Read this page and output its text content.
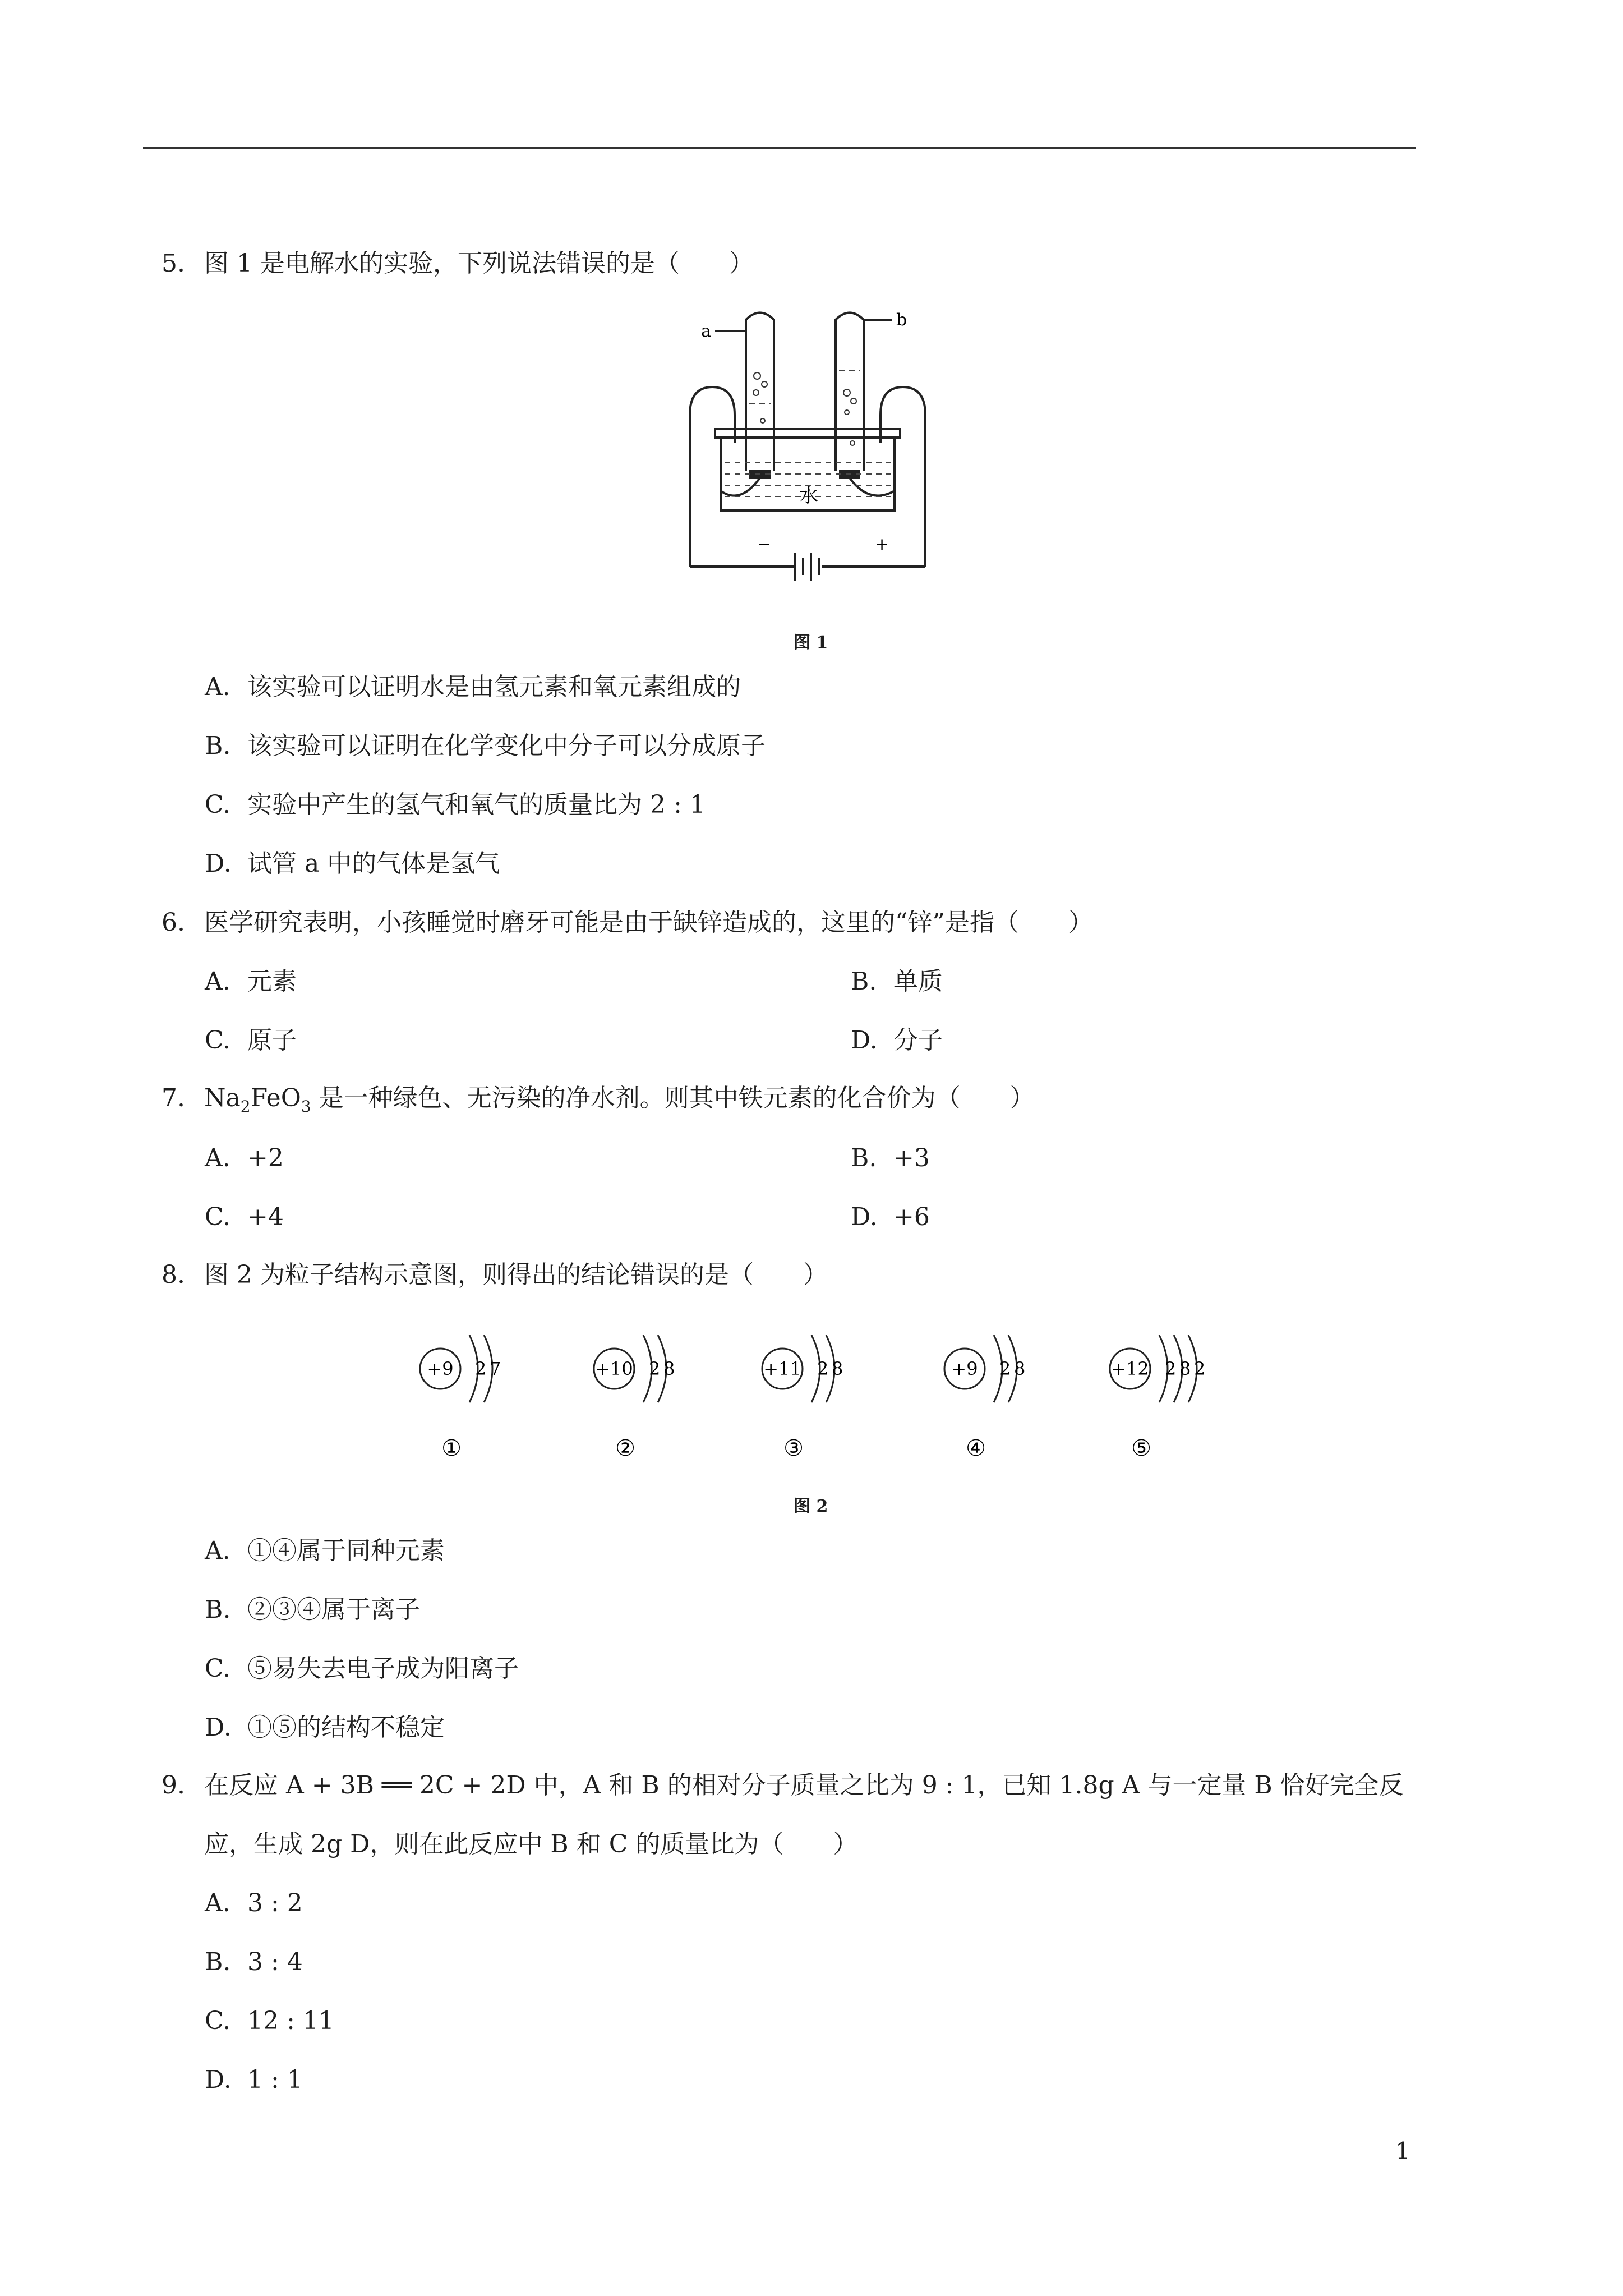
5. 图 1 是电解水的实验，下列说法错误的是（　　）
a
b
水
−	+
图 1
A. 该实验可以证明水是由氢元素和氧元素组成的
B. 该实验可以证明在化学变化中分子可以分成原子
C. 实验中产生的氢气和氧气的质量比为 2 : 1
D. 试管 a 中的气体是氢气
6. 医学研究表明，小孩睡觉时磨牙可能是由于缺锌造成的，这里的“锌”是指（　　）
A. 元素	B. 单质
C. 原子	D. 分子
7. $Na_2FeO_3$ 是一种绿色、无污染的净水剂。则其中铁元素的化合价为（　　）
A. +2	B. +3
C. +4	D. +6
8. 图 2 为粒子结构示意图，则得出的结论错误的是（　　）
+9 2 7
①
+10 2 8
②
+11 2 8
③
+9 2 8
④
+12 2 8 2
⑤
图 2
A. ①④属于同种元素
B. ②③④属于离子
C. ⑤易失去电子成为阳离子
D. ①⑤的结构不稳定
9. 在反应 A + 3B ══ 2C + 2D 中，A 和 B 的相对分子质量之比为 9 : 1，已知 1.8g A 与一定量 B 恰好完全反
应，生成 2g D，则在此反应中 B 和 C 的质量比为（　　）
A. 3 : 2
B. 3 : 4
C. 12 : 11
D. 1 : 1
1
